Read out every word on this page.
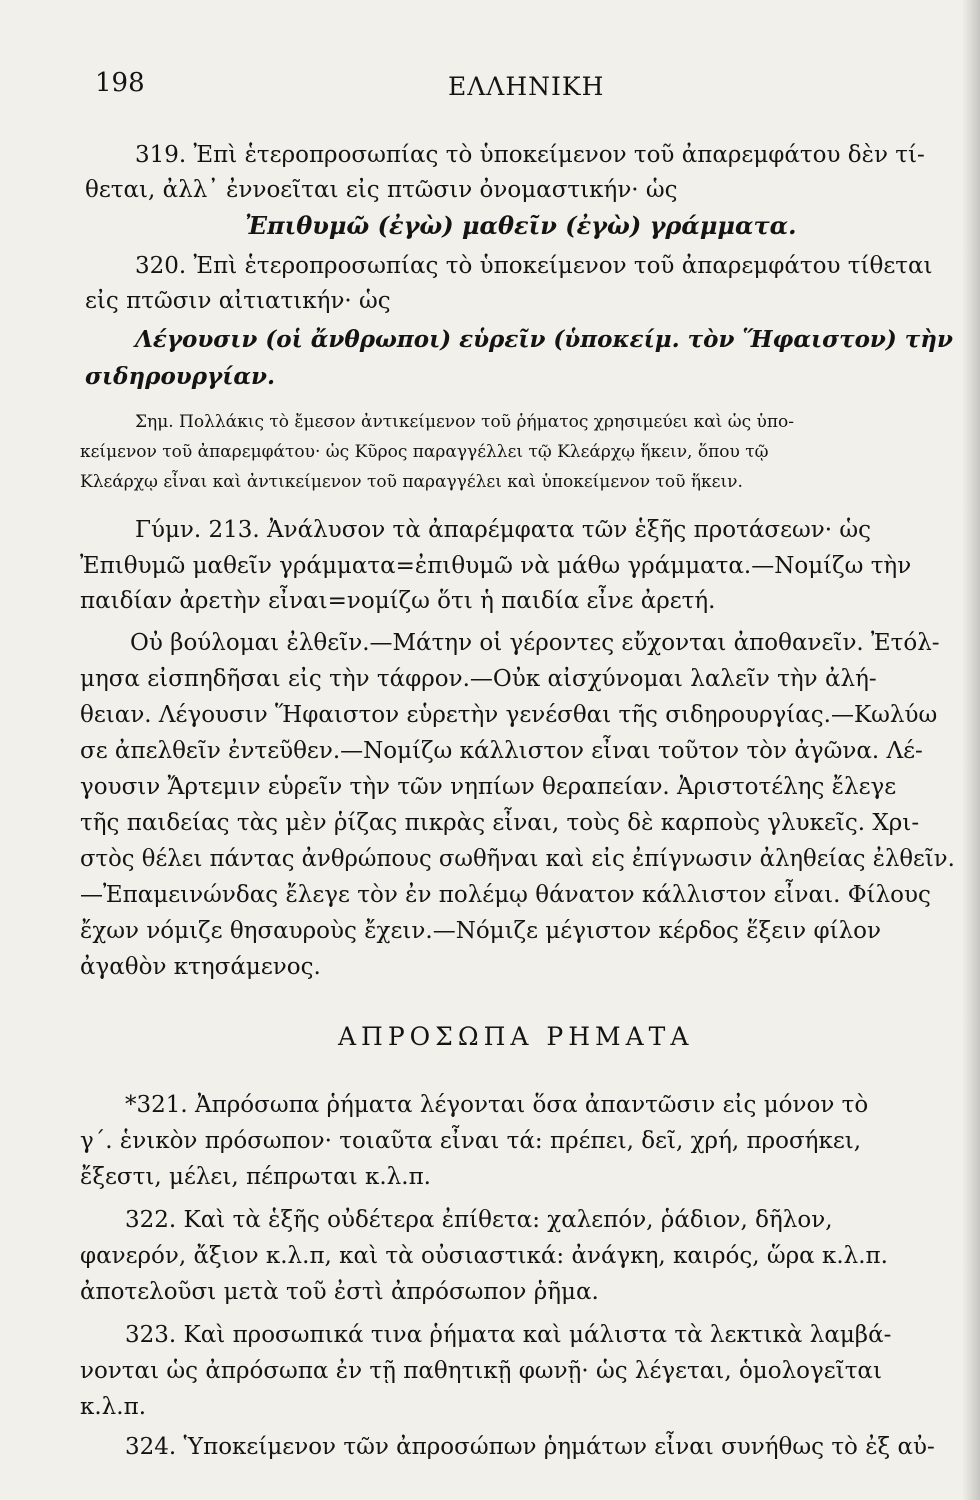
198	ΕΛΛΗΝΙΚΗ
319. Ἐπὶ ἑτεροπροσωπίας τὸ ὑποκείμενον τοῦ ἀπαρεμφάτου δὲν τί-
θεται, ἀλλ᾽ ἐννοεῖται εἰς πτῶσιν ὀνομαστικήν· ὡς
Ἐπιθυμῶ (ἐγὼ) μαθεῖν (ἐγὼ) γράμματα.
320. Ἐπὶ ἑτεροπροσωπίας τὸ ὑποκείμενον τοῦ ἀπαρεμφάτου τίθεται
εἰς πτῶσιν αἰτιατικήν· ὡς
Λέγουσιν (οἱ ἄνθρωποι) εὑρεῖν (ὑποκείμ. τὸν Ἥφαιστον) τὴν
σιδηρουργίαν.
Σημ. Πολλάκις τὸ ἔμεσον ἀντικείμενον τοῦ ῥήματος χρησιμεύει καὶ ὡς ὑπο-
κείμενον τοῦ ἀπαρεμφάτου· ὡς Κῦρος παραγγέλλει τῷ Κλεάρχῳ ἥκειν, ὅπου τῷ
Κλεάρχῳ εἶναι καὶ ἀντικείμενον τοῦ παραγγέλει καὶ ὑποκείμενον τοῦ ἥκειν.
Γύμν. 213. Ἀνάλυσον τὰ ἀπαρέμφατα τῶν ἑξῆς προτάσεων· ὡς
Ἐπιθυμῶ μαθεῖν γράμματα=ἐπιθυμῶ νὰ μάθω γράμματα.—Νομίζω τὴν
παιδίαν ἀρετὴν εἶναι=νομίζω ὅτι ἡ παιδία εἶνε ἀρετή.
Οὐ βούλομαι ἐλθεῖν.—Μάτην οἱ γέροντες εὔχονται ἀποθανεῖν. Ἐτόλ-
μησα εἰσπηδῆσαι εἰς τὴν τάφρον.—Οὐκ αἰσχύνομαι λαλεῖν τὴν ἀλή-
θειαν. Λέγουσιν Ἥφαιστον εὑρετὴν γενέσθαι τῆς σιδηρουργίας.—Κωλύω
σε ἀπελθεῖν ἐντεῦθεν.—Νομίζω κάλλιστον εἶναι τοῦτον τὸν ἀγῶνα. Λέ-
γουσιν Ἄρτεμιν εὑρεῖν τὴν τῶν νηπίων θεραπείαν. Ἀριστοτέλης ἔλεγε
τῆς παιδείας τὰς μὲν ῥίζας πικρὰς εἶναι, τοὺς δὲ καρποὺς γλυκεῖς. Χρι-
στὸς θέλει πάντας ἀνθρώπους σωθῆναι καὶ εἰς ἐπίγνωσιν ἀληθείας ἐλθεῖν.
—Ἐπαμεινώνδας ἔλεγε τὸν ἐν πολέμῳ θάνατον κάλλιστον εἶναι. Φίλους
ἔχων νόμιζε θησαυροὺς ἔχειν.—Νόμιζε μέγιστον κέρδος ἕξειν φίλον
ἀγαθὸν κτησάμενος.
ΑΠΡΟΣΩΠΑ ΡΗΜΑΤΑ
*321. Ἀπρόσωπα ῥήματα λέγονται ὅσα ἀπαντῶσιν εἰς μόνον τὸ
γ΄. ἑνικὸν πρόσωπον· τοιαῦτα εἶναι τά: πρέπει, δεῖ, χρή, προσήκει,
ἔξεστι, μέλει, πέπρωται κ.λ.π.
322. Καὶ τὰ ἑξῆς οὐδέτερα ἐπίθετα: χαλεπόν, ῥάδιον, δῆλον,
φανερόν, ἄξιον κ.λ.π, καὶ τὰ οὐσιαστικά: ἀνάγκη, καιρός, ὥρα κ.λ.π.
ἀποτελοῦσι μετὰ τοῦ ἐστὶ ἀπρόσωπον ῥῆμα.
323. Καὶ προσωπικά τινα ῥήματα καὶ μάλιστα τὰ λεκτικὰ λαμβά-
νονται ὡς ἀπρόσωπα ἐν τῇ παθητικῇ φωνῇ· ὡς λέγεται, ὁμολογεῖται
κ.λ.π.
324. Ὑποκείμενον τῶν ἀπροσώπων ῥημάτων εἶναι συνήθως τὸ ἐξ αὐ-
